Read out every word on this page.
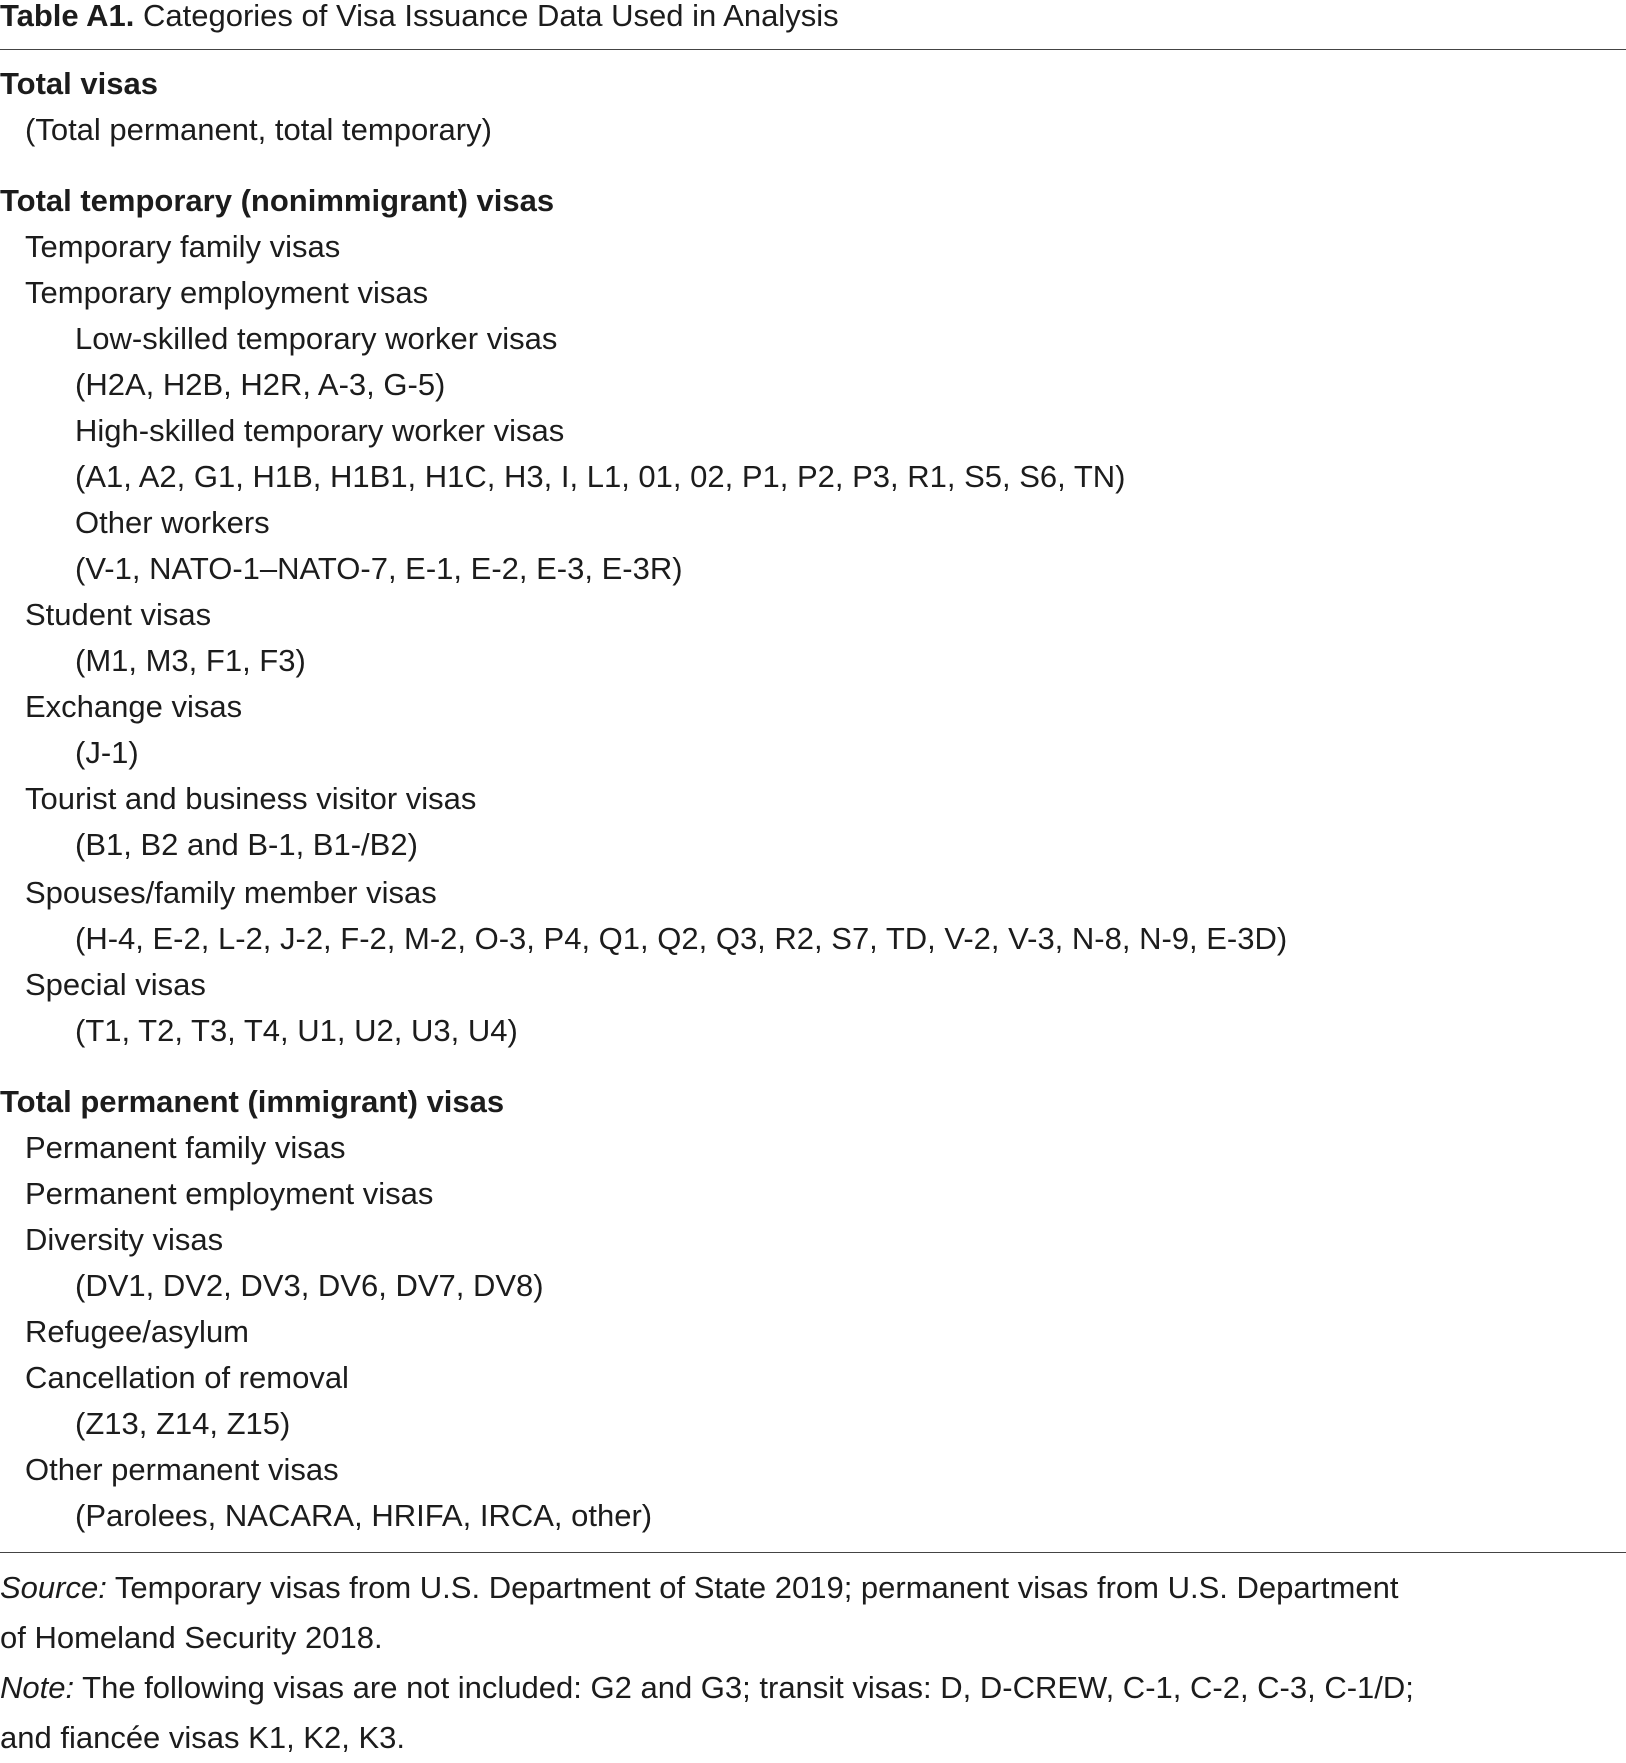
Table A1. Categories of Visa Issuance Data Used in Analysis
Total visas
(Total permanent, total temporary)
Total temporary (nonimmigrant) visas
Temporary family visas
Temporary employment visas
Low-skilled temporary worker visas
(H2A, H2B, H2R, A-3, G-5)
High-skilled temporary worker visas
(A1, A2, G1, H1B, H1B1, H1C, H3, I, L1, 01, 02, P1, P2, P3, R1, S5, S6, TN)
Other workers
(V-1, NATO-1–NATO-7, E-1, E-2, E-3, E-3R)
Student visas
(M1, M3, F1, F3)
Exchange visas
(J-1)
Tourist and business visitor visas
(B1, B2 and B-1, B1-/B2)
Spouses/family member visas
(H-4, E-2, L-2, J-2, F-2, M-2, O-3, P4, Q1, Q2, Q3, R2, S7, TD, V-2, V-3, N-8, N-9, E-3D)
Special visas
(T1, T2, T3, T4, U1, U2, U3, U4)
Total permanent (immigrant) visas
Permanent family visas
Permanent employment visas
Diversity visas
(DV1, DV2, DV3, DV6, DV7, DV8)
Refugee/asylum
Cancellation of removal
(Z13, Z14, Z15)
Other permanent visas
(Parolees, NACARA, HRIFA, IRCA, other)
Source: Temporary visas from U.S. Department of State 2019; permanent visas from U.S. Department
of Homeland Security 2018.
Note: The following visas are not included: G2 and G3; transit visas: D, D-CREW, C-1, C-2, C-3, C-1/D;
and fiancée visas K1, K2, K3.
